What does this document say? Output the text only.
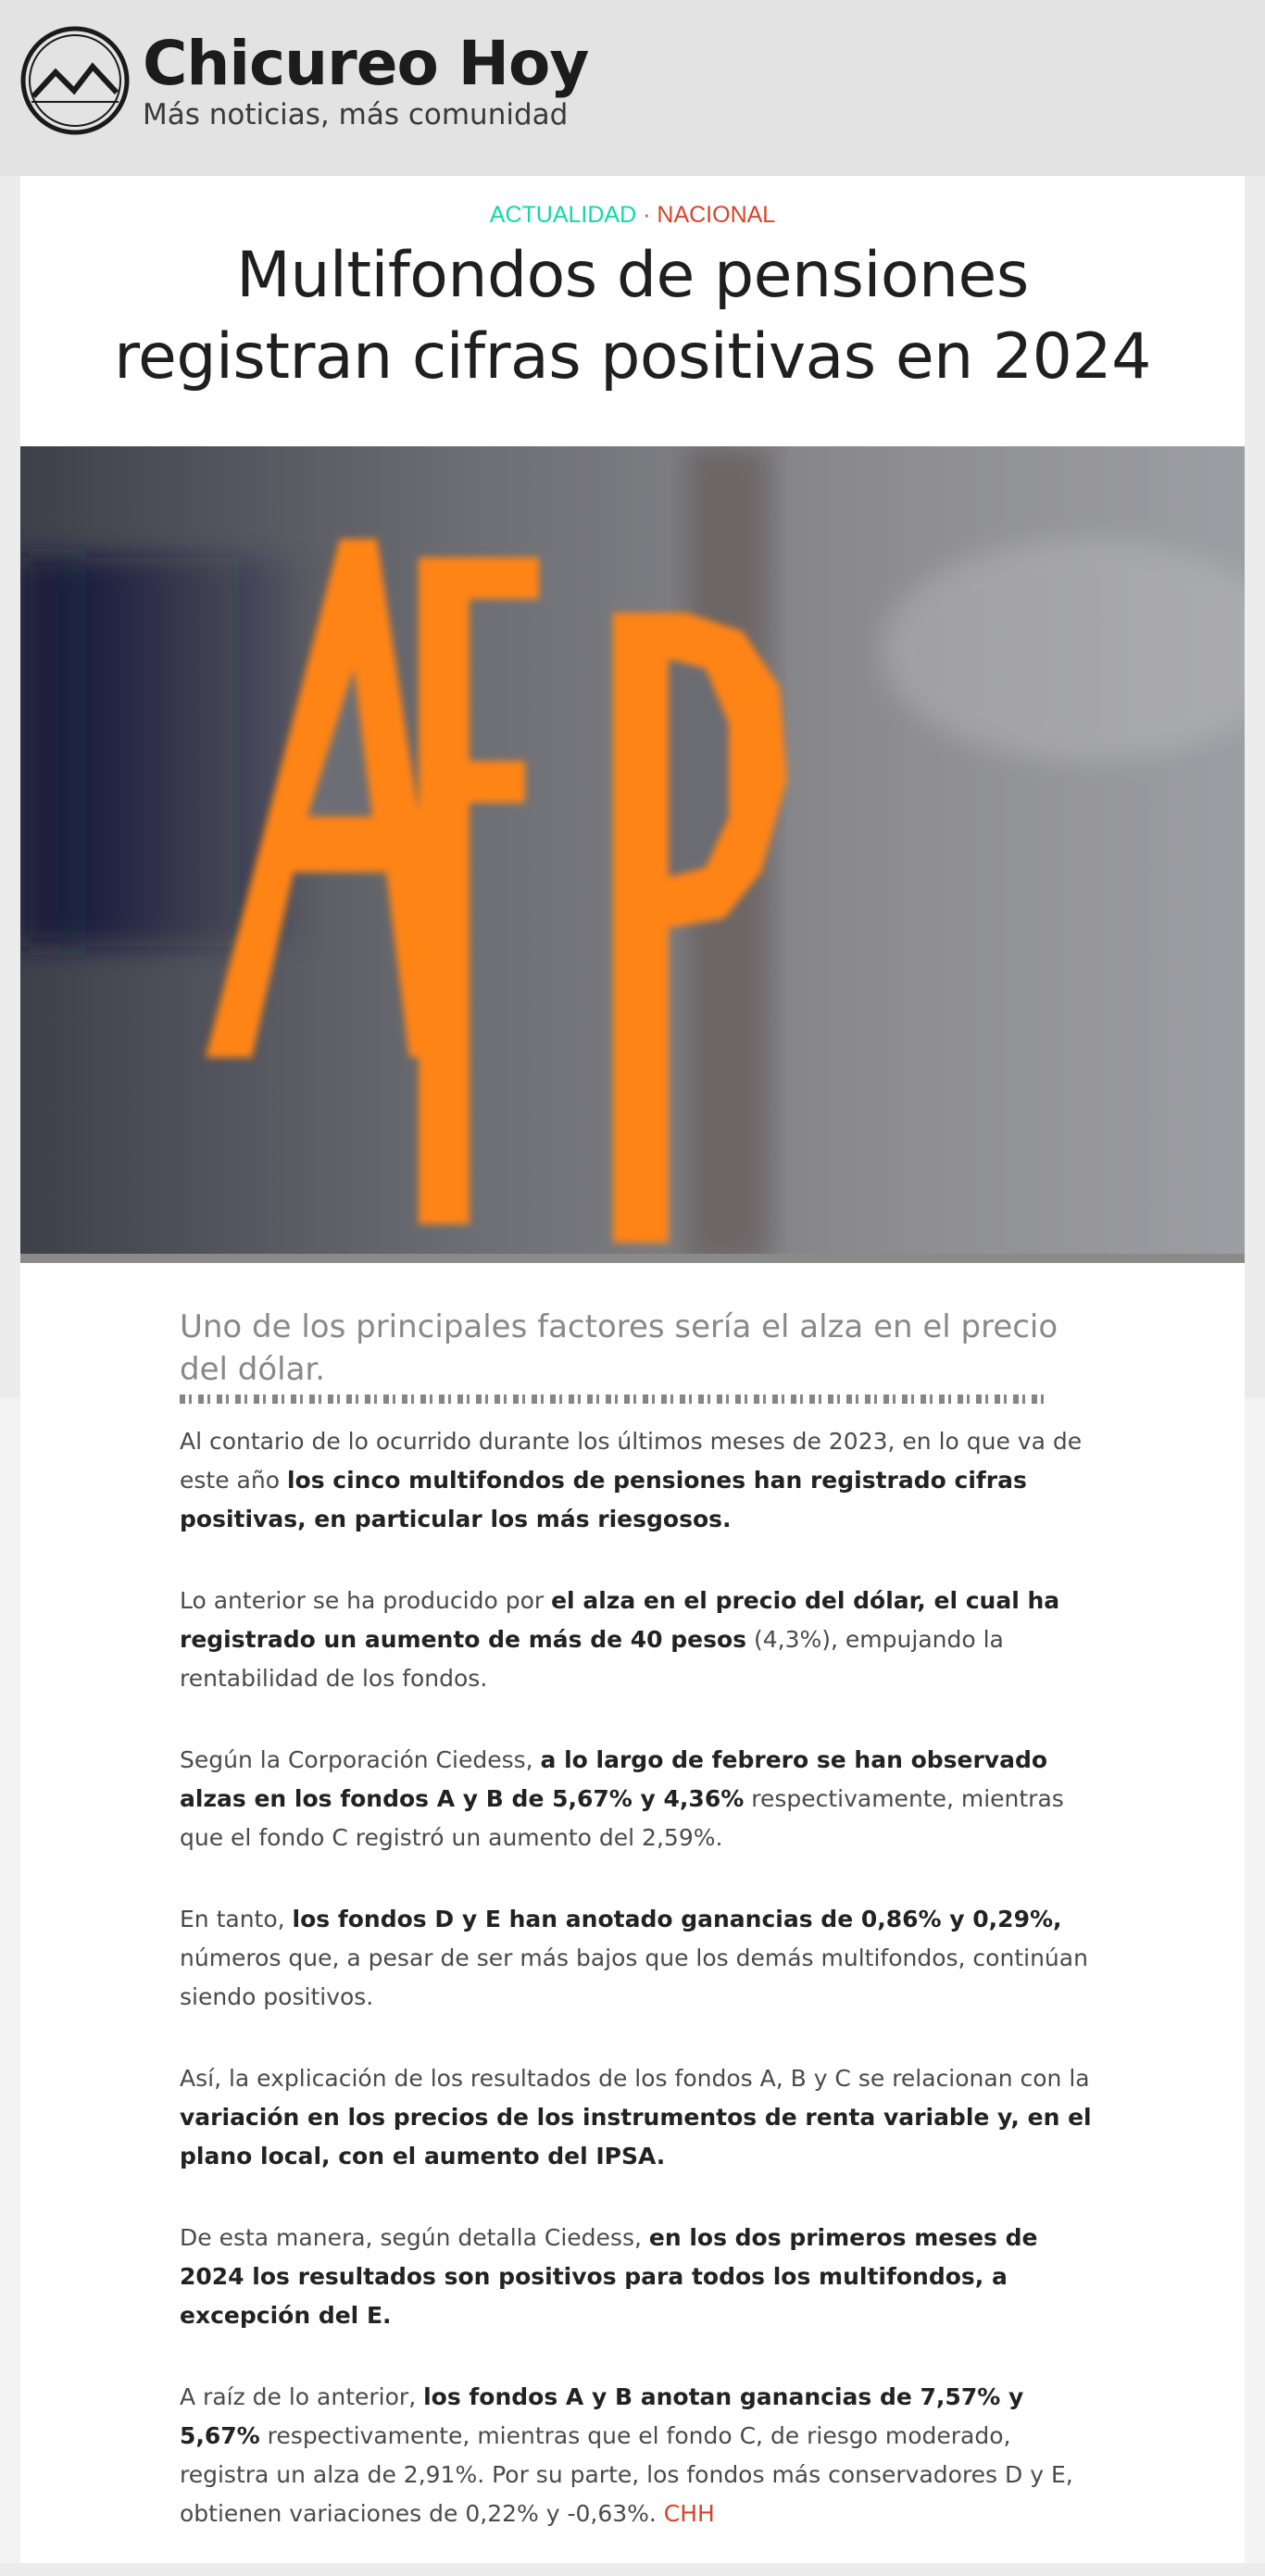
Chicureo Hoy
Más noticias, más comunidad
ACTUALIDAD · NACIONAL
Multifondos de pensiones registran cifras positivas en 2024
Uno de los principales factores sería el alza en el precio del dólar.

Al contario de lo ocurrido durante los últimos meses de 2023, en lo que va de este año los cinco multifondos de pensiones han registrado cifras positivas, en particular los más riesgosos.

Lo anterior se ha producido por el alza en el precio del dólar, el cual ha registrado un aumento de más de 40 pesos (4,3%), empujando la rentabilidad de los fondos.

Según la Corporación Ciedess, a lo largo de febrero se han observado alzas en los fondos A y B de 5,67% y 4,36% respectivamente, mientras que el fondo C registró un aumento del 2,59%.

En tanto, los fondos D y E han anotado ganancias de 0,86% y 0,29%, números que, a pesar de ser más bajos que los demás multifondos, continúan siendo positivos.

Así, la explicación de los resultados de los fondos A, B y C se relacionan con la variación en los precios de los instrumentos de renta variable y, en el plano local, con el aumento del IPSA.

De esta manera, según detalla Ciedess, en los dos primeros meses de 2024 los resultados son positivos para todos los multifondos, a excepción del E.

A raíz de lo anterior, los fondos A y B anotan ganancias de 7,57% y 5,67% respectivamente, mientras que el fondo C, de riesgo moderado, registra un alza de 2,91%. Por su parte, los fondos más conservadores D y E, obtienen variaciones de 0,22% y -0,63%. CHH
